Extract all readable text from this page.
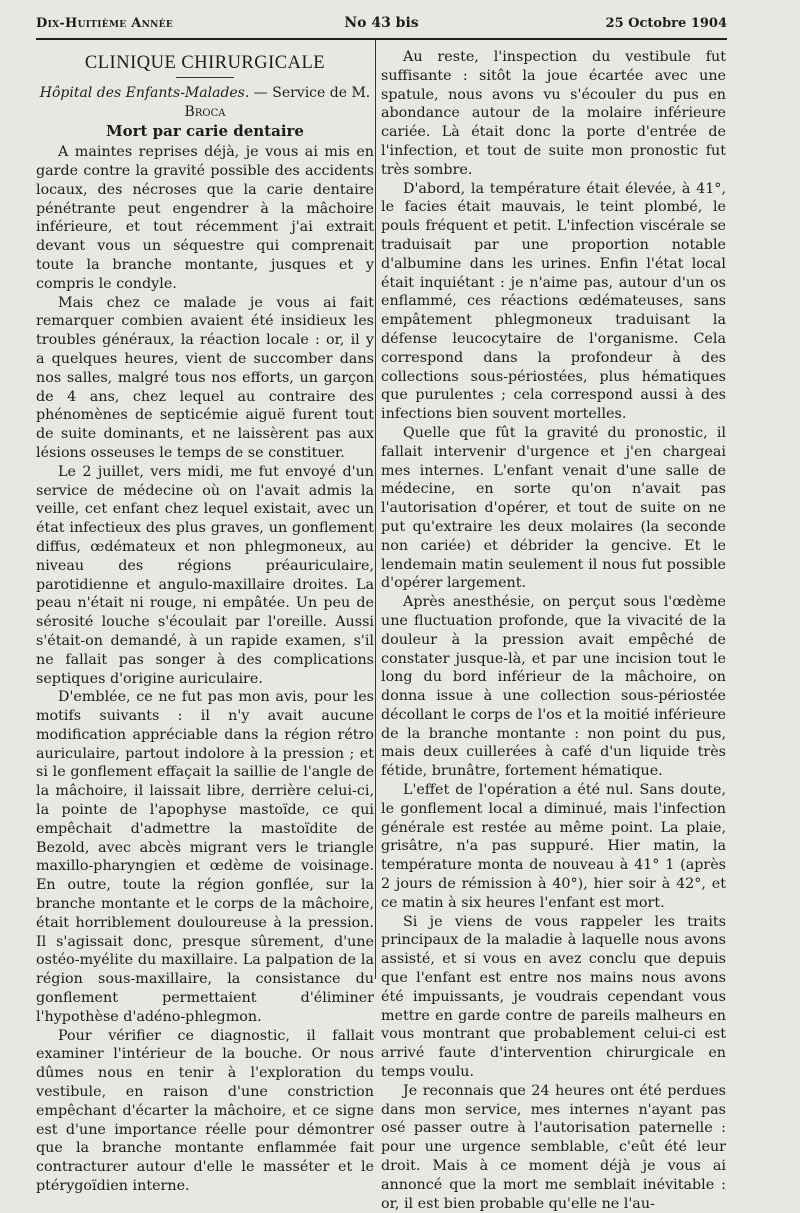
Dix-Huitième Année	No 43 bis	25 Octobre 1904
CLINIQUE CHIRURGICALE
Hôpital des Enfants-Malades. — Service de M. Broca
Mort par carie dentaire

A maintes reprises déjà, je vous ai mis en garde contre la gravité possible des accidents locaux, des nécroses que la carie dentaire pénétrante peut engendrer à la mâchoire inférieure, et tout récemment j'ai extrait devant vous un séquestre qui comprenait toute la branche montante, jusques et y compris le condyle.

Mais chez ce malade je vous ai fait remarquer combien avaient été insidieux les troubles généraux, la réaction locale : or, il y a quelques heures, vient de succomber dans nos salles, malgré tous nos efforts, un garçon de 4 ans, chez lequel au contraire des phénomènes de septicémie aiguë furent tout de suite dominants, et ne laissèrent pas aux lésions osseuses le temps de se constituer.

Le 2 juillet, vers midi, me fut envoyé d'un service de médecine où on l'avait admis la veille, cet enfant chez lequel existait, avec un état infectieux des plus graves, un gonflement diffus, œdémateux et non phlegmoneux, au niveau des régions préauriculaire, parotidienne et angulo-maxillaire droites. La peau n'était ni rouge, ni empâtée. Un peu de sérosité louche s'écoulait par l'oreille. Aussi s'était-on demandé, à un rapide examen, s'il ne fallait pas songer à des complications septiques d'origine auriculaire.

D'emblée, ce ne fut pas mon avis, pour les motifs suivants : il n'y avait aucune modification appréciable dans la région rétro auriculaire, partout indolore à la pression ; et si le gonflement effaçait la saillie de l'angle de la mâchoire, il laissait libre, derrière celui-ci, la pointe de l'apophyse mastoïde, ce qui empêchait d'admettre la mastoïdite de Bezold, avec abcès migrant vers le triangle maxillo-pharyngien et œdème de voisinage. En outre, toute la région gonflée, sur la branche montante et le corps de la mâchoire, était horriblement douloureuse à la pression. Il s'agissait donc, presque sûrement, d'une ostéo-myélite du maxillaire. La palpation de la région sous-maxillaire, la consistance du gonflement permettaient d'éliminer l'hypothèse d'adéno-phlegmon.

Pour vérifier ce diagnostic, il fallait examiner l'intérieur de la bouche. Or nous dûmes nous en tenir à l'exploration du vestibule, en raison d'une constriction empêchant d'écarter la mâchoire, et ce signe est d'une importance réelle pour démontrer que la branche montante enflammée fait contracturer autour d'elle le masséter et le ptérygoïdien interne.

Au reste, l'inspection du vestibule fut suffisante : sitôt la joue écartée avec une spatule, nous avons vu s'écouler du pus en abondance autour de la molaire inférieure cariée. Là était donc la porte d'entrée de l'infection, et tout de suite mon pronostic fut très sombre.

D'abord, la température était élevée, à 41°, le facies était mauvais, le teint plombé, le pouls fréquent et petit. L'infection viscérale se traduisait par une proportion notable d'albumine dans les urines. Enfin l'état local était inquiétant : je n'aime pas, autour d'un os enflammé, ces réactions œdémateuses, sans empâtement phlegmoneux traduisant la défense leucocytaire de l'organisme. Cela correspond dans la profondeur à des collections sous-périostées, plus hématiques que purulentes ; cela correspond aussi à des infections bien souvent mortelles.

Quelle que fût la gravité du pronostic, il fallait intervenir d'urgence et j'en chargeai mes internes. L'enfant venait d'une salle de médecine, en sorte qu'on n'avait pas l'autorisation d'opérer, et tout de suite on ne put qu'extraire les deux molaires (la seconde non cariée) et débrider la gencive. Et le lendemain matin seulement il nous fut possible d'opérer largement.

Après anesthésie, on perçut sous l'œdème une fluctuation profonde, que la vivacité de la douleur à la pression avait empêché de constater jusque-là, et par une incision tout le long du bord inférieur de la mâchoire, on donna issue à une collection sous-périostée décollant le corps de l'os et la moitié inférieure de la branche montante : non point du pus, mais deux cuillerées à café d'un liquide très fétide, brunâtre, fortement hématique.

L'effet de l'opération a été nul. Sans doute, le gonflement local a diminué, mais l'infection générale est restée au même point. La plaie, grisâtre, n'a pas suppuré. Hier matin, la température monta de nouveau à 41° 1 (après 2 jours de rémission à 40°), hier soir à 42°, et ce matin à six heures l'enfant est mort.

Si je viens de vous rappeler les traits principaux de la maladie à laquelle nous avons assisté, et si vous en avez conclu que depuis que l'enfant est entre nos mains nous avons été impuissants, je voudrais cependant vous mettre en garde contre de pareils malheurs en vous montrant que probablement celui-ci est arrivé faute d'intervention chirurgicale en temps voulu.

Je reconnais que 24 heures ont été perdues dans mon service, mes internes n'ayant pas osé passer outre à l'autorisation paternelle : pour une urgence semblable, c'eût été leur droit. Mais à ce moment déjà je vous ai annoncé que la mort me semblait inévitable : or, il est bien probable qu'elle ne l'au-
